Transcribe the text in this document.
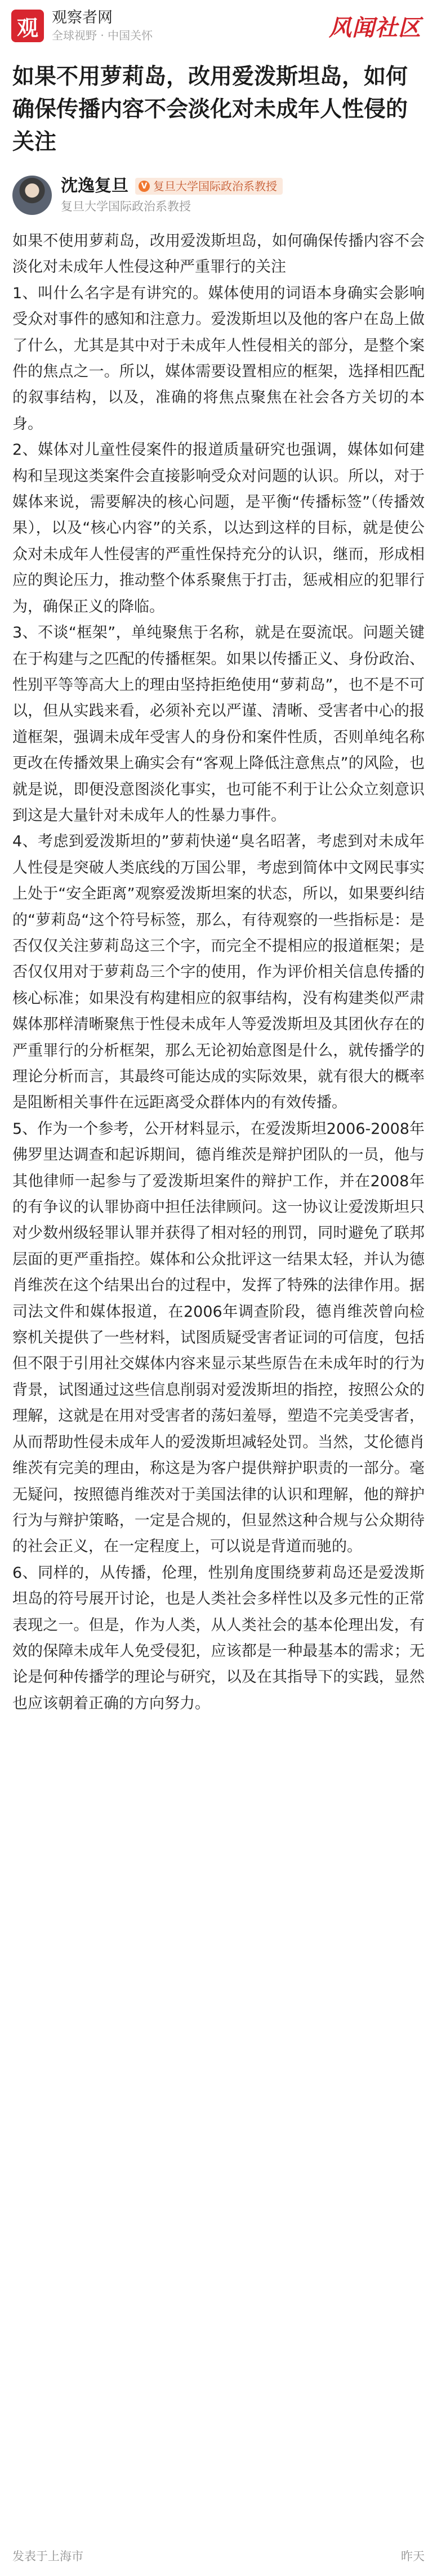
观 观察者网
全球视野 · 中国关怀	风闻社区
如果不用萝莉岛，改用爱泼斯坦岛，如何确保传播内容不会淡化对未成年人性侵的关注
沈逸复旦	V 复旦大学国际政治系教授
复旦大学国际政治系教授

如果不使用萝莉岛，改用爱泼斯坦岛，如何确保传播内容不会淡化对未成年人性侵这种严重罪行的关注

1、叫什么名字是有讲究的。媒体使用的词语本身确实会影响受众对事件的感知和注意力。爱泼斯坦以及他的客户在岛上做了什么，尤其是其中对于未成年人性侵相关的部分，是整个案件的焦点之一。所以，媒体需要设置相应的框架，选择相匹配的叙事结构，以及，准确的将焦点聚焦在社会各方关切的本身。

2、媒体对儿童性侵案件的报道质量研究也强调，媒体如何建构和呈现这类案件会直接影响受众对问题的认识。所以，对于媒体来说，需要解决的核心问题，是平衡“传播标签”（传播效果），以及“核心内容”的关系，以达到这样的目标，就是使公众对未成年人性侵害的严重性保持充分的认识，继而，形成相应的舆论压力，推动整个体系聚焦于打击，惩戒相应的犯罪行为，确保正义的降临。

3、不谈“框架”，单纯聚焦于名称，就是在耍流氓。问题关键在于构建与之匹配的传播框架。如果以传播正义、身份政治、性别平等等高大上的理由坚持拒绝使用“萝莉岛”，也不是不可以，但从实践来看，必须补充以严谨、清晰、受害者中心的报道框架，强调未成年受害人的身份和案件性质，否则单纯名称更改在传播效果上确实会有“客观上降低注意焦点”的风险，也就是说，即便没意图淡化事实，也可能不利于让公众立刻意识到这是大量针对未成年人的性暴力事件。

4、考虑到爱泼斯坦的”萝莉快递“臭名昭著，考虑到对未成年人性侵是突破人类底线的万国公罪，考虑到简体中文网民事实上处于“安全距离”观察爱泼斯坦案的状态，所以，如果要纠结的“萝莉岛“这个符号标签，那么，有待观察的一些指标是：是否仅仅关注萝莉岛这三个字，而完全不提相应的报道框架；是否仅仅用对于萝莉岛三个字的使用，作为评价相关信息传播的核心标准；如果没有构建相应的叙事结构，没有构建类似严肃媒体那样清晰聚焦于性侵未成年人等爱泼斯坦及其团伙存在的严重罪行的分析框架，那么无论初始意图是什么，就传播学的理论分析而言，其最终可能达成的实际效果，就有很大的概率是阻断相关事件在远距离受众群体内的有效传播。

5、作为一个参考，公开材料显示，在爱泼斯坦2006-2008年佛罗里达调查和起诉期间，德肖维茨是辩护团队的一员，他与其他律师一起参与了爱泼斯坦案件的辩护工作，并在2008年的有争议的认罪协商中担任法律顾问。这一协议让爱泼斯坦只对少数州级轻罪认罪并获得了相对轻的刑罚，同时避免了联邦层面的更严重指控。媒体和公众批评这一结果太轻，并认为德肖维茨在这个结果出台的过程中，发挥了特殊的法律作用。据司法文件和媒体报道，在2006年调查阶段，德肖维茨曾向检察机关提供了一些材料，试图质疑受害者证词的可信度，包括但不限于引用社交媒体内容来显示某些原告在未成年时的行为背景，试图通过这些信息削弱对爱泼斯坦的指控，按照公众的理解，这就是在用对受害者的荡妇羞辱，塑造不完美受害者，从而帮助性侵未成年人的爱泼斯坦减轻处罚。当然，艾伦德肖维茨有完美的理由，称这是为客户提供辩护职责的一部分。毫无疑问，按照德肖维茨对于美国法律的认识和理解，他的辩护行为与辩护策略，一定是合规的，但显然这种合规与公众期待的社会正义，在一定程度上，可以说是背道而驰的。

6、同样的，从传播，伦理，性别角度围绕萝莉岛还是爱泼斯坦岛的符号展开讨论，也是人类社会多样性以及多元性的正常表现之一。但是，作为人类，从人类社会的基本伦理出发，有效的保障未成年人免受侵犯，应该都是一种最基本的需求；无论是何种传播学的理论与研究，以及在其指导下的实践，显然也应该朝着正确的方向努力。

发表于上海市	昨天
